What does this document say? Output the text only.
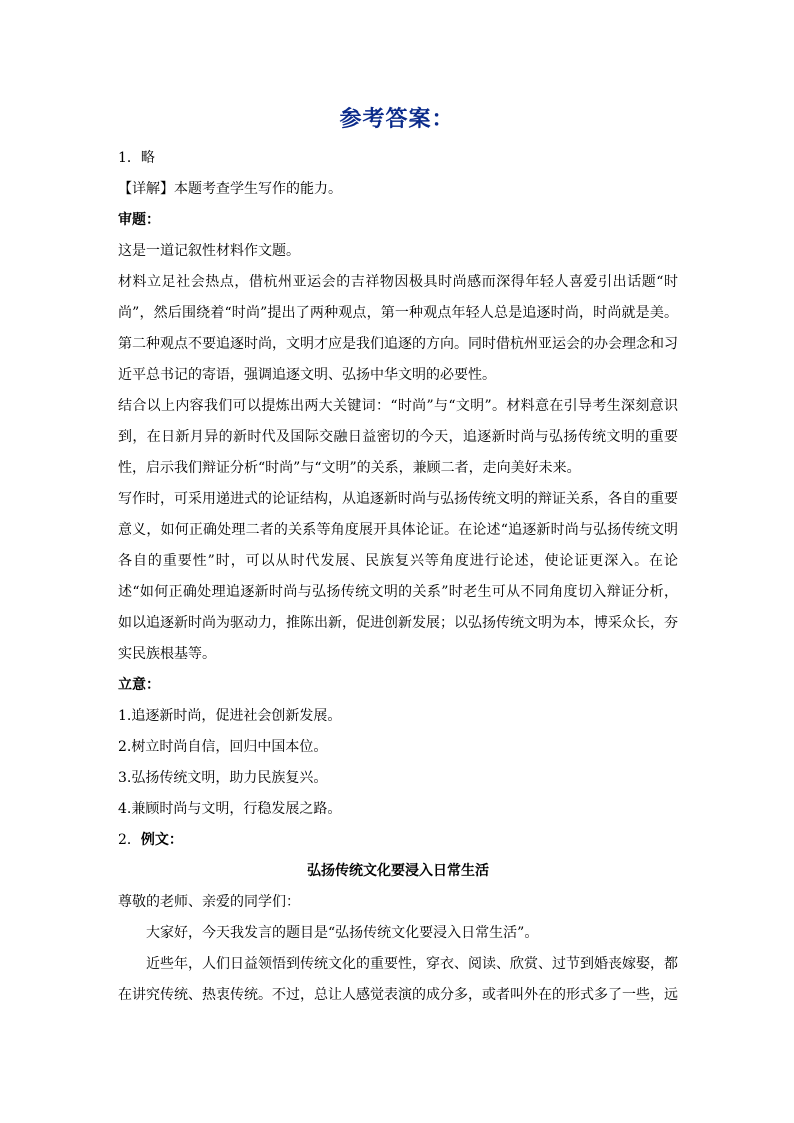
参考答案：

1．略

【详解】本题考查学生写作的能力。

审题：

这是一道记叙性材料作文题。

材料立足社会热点，借杭州亚运会的吉祥物因极具时尚感而深得年轻人喜爱引出话题“时尚”，然后围绕着“时尚”提出了两种观点，第一种观点年轻人总是追逐时尚，时尚就是美。第二种观点不要追逐时尚，文明才应是我们追逐的方向。同时借杭州亚运会的办会理念和习近平总书记的寄语，强调追逐文明、弘扬中华文明的必要性。

结合以上内容我们可以提炼出两大关键词：“时尚”与“文明”。材料意在引导考生深刻意识到，在日新月异的新时代及国际交融日益密切的今天，追逐新时尚与弘扬传统文明的重要性，启示我们辩证分析“时尚”与“文明”的关系，兼顾二者，走向美好未来。

写作时，可采用递进式的论证结构，从追逐新时尚与弘扬传统文明的辩证关系，各自的重要意义，如何正确处理二者的关系等角度展开具体论证。在论述“追逐新时尚与弘扬传统文明各自的重要性”时，可以从时代发展、民族复兴等角度进行论述，使论证更深入。在论述“如何正确处理追逐新时尚与弘扬传统文明的关系”时老生可从不同角度切入辩证分析，如以追逐新时尚为驱动力，推陈出新，促进创新发展；以弘扬传统文明为本，博采众长，夯实民族根基等。

立意：

1.追逐新时尚，促进社会创新发展。

2.树立时尚自信，回归中国本位。

3.弘扬传统文明，助力民族复兴。

4.兼顾时尚与文明，行稳发展之路。

2．例文：

弘扬传统文化要浸入日常生活

尊敬的老师、亲爱的同学们：

大家好，今天我发言的题目是“弘扬传统文化要浸入日常生活”。

近些年，人们日益领悟到传统文化的重要性，穿衣、阅读、欣赏、过节到婚丧嫁娶，都在讲究传统、热衷传统。不过，总让人感觉表演的成分多，或者叫外在的形式多了一些，远
